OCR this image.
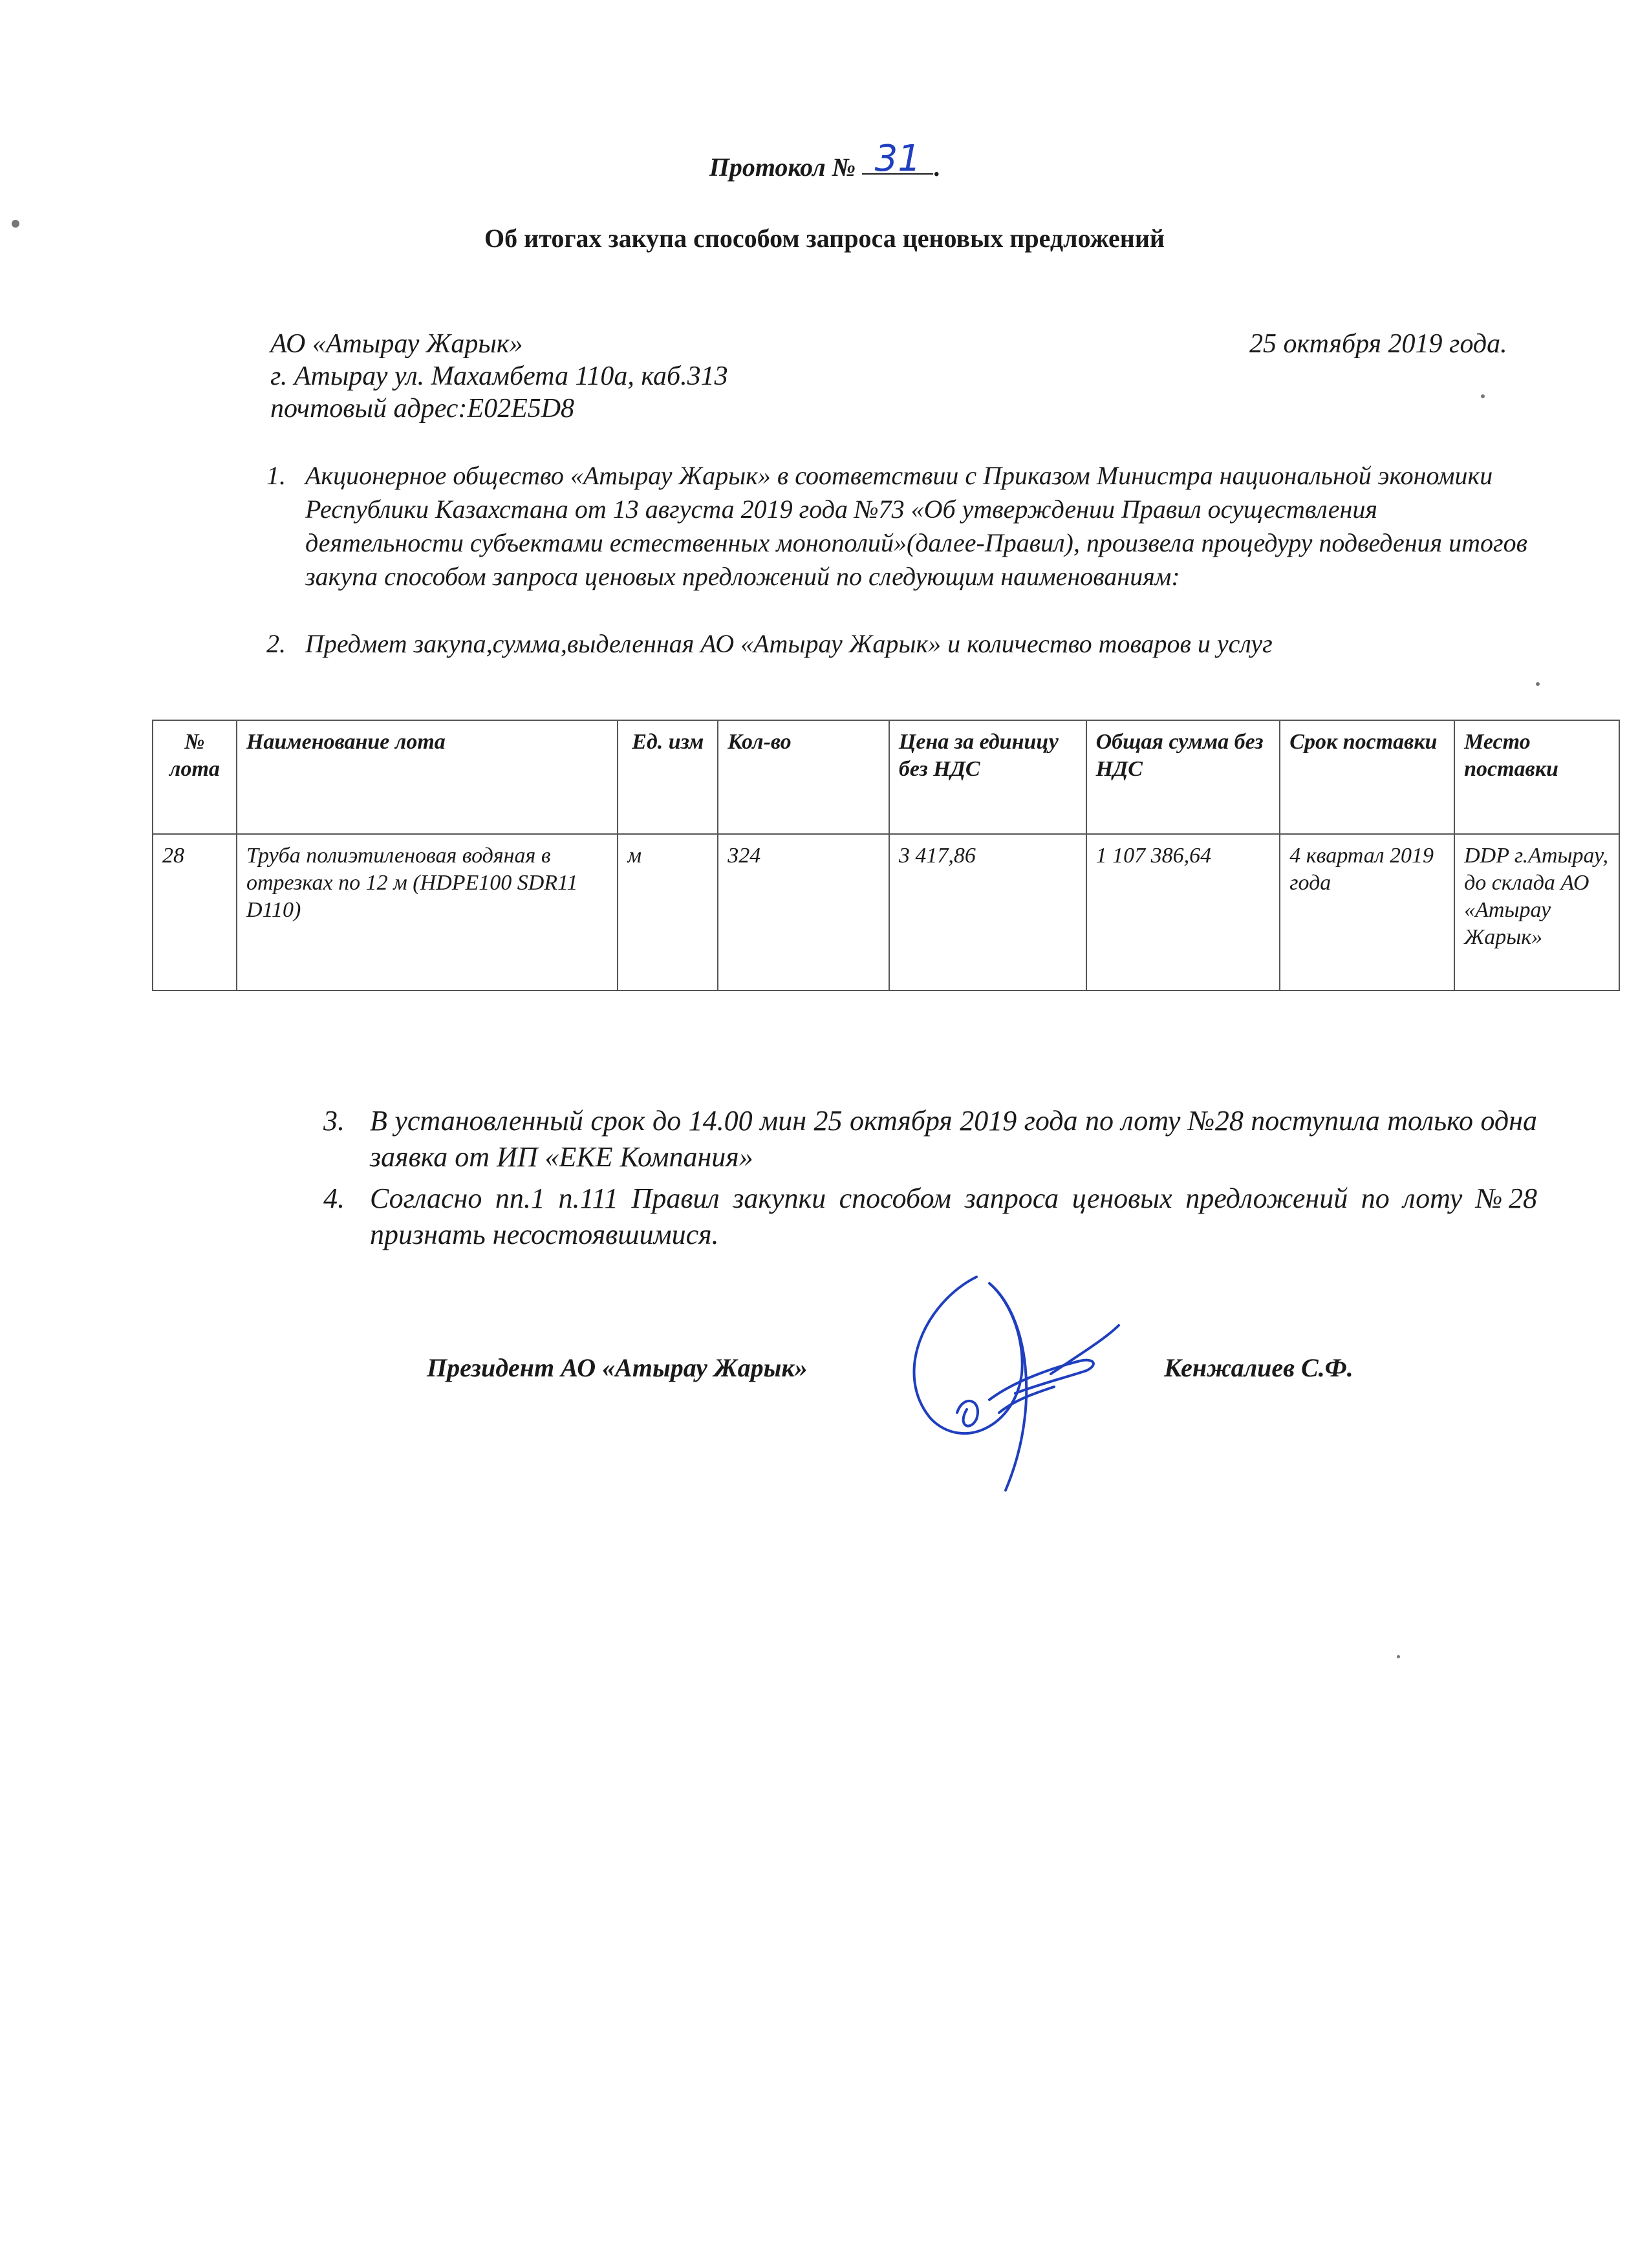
Протокол № 31 .
Об итогах закупа способом запроса ценовых предложений
АО «Атырау Жарык»	25 октября 2019 года.
г. Атырау ул. Махамбета 110а, каб.313
почтовый адрес:Е02Е5D8
1. Акционерное общество «Атырау Жарык» в соответствии с Приказом Министра национальной экономики Республики Казахстана от 13 августа 2019 года №73 «Об утверждении Правил осуществления деятельности субъектами естественных монополий»(далее-Правил), произвела процедуру подведения итогов закупа способом запроса ценовых предложений по следующим наименованиям:
2. Предмет закупа,сумма,выделенная АО «Атырау Жарык» и количество товаров и услуг
№ лота	Наименование лота	Ед. изм	Кол-во	Цена за единицу без НДС	Общая сумма без НДС	Срок поставки	Место поставки
28	Труба полиэтиленовая водяная в отрезках по 12 м (HDPE100 SDR11 D110)	м	324	3 417,86	1 107 386,64	4 квартал 2019 года	DDP г.Атырау, до склада АО «Атырау Жарык»
3. В установленный срок до 14.00 мин 25 октября 2019 года по лоту №28 поступила только одна заявка от ИП «ЕКЕ Компания»
4. Согласно пп.1 п.111 Правил закупки способом запроса ценовых предложений по лоту №28 признать несостоявшимися.
Президент АО «Атырау Жарык»	Кенжалиев С.Ф.
